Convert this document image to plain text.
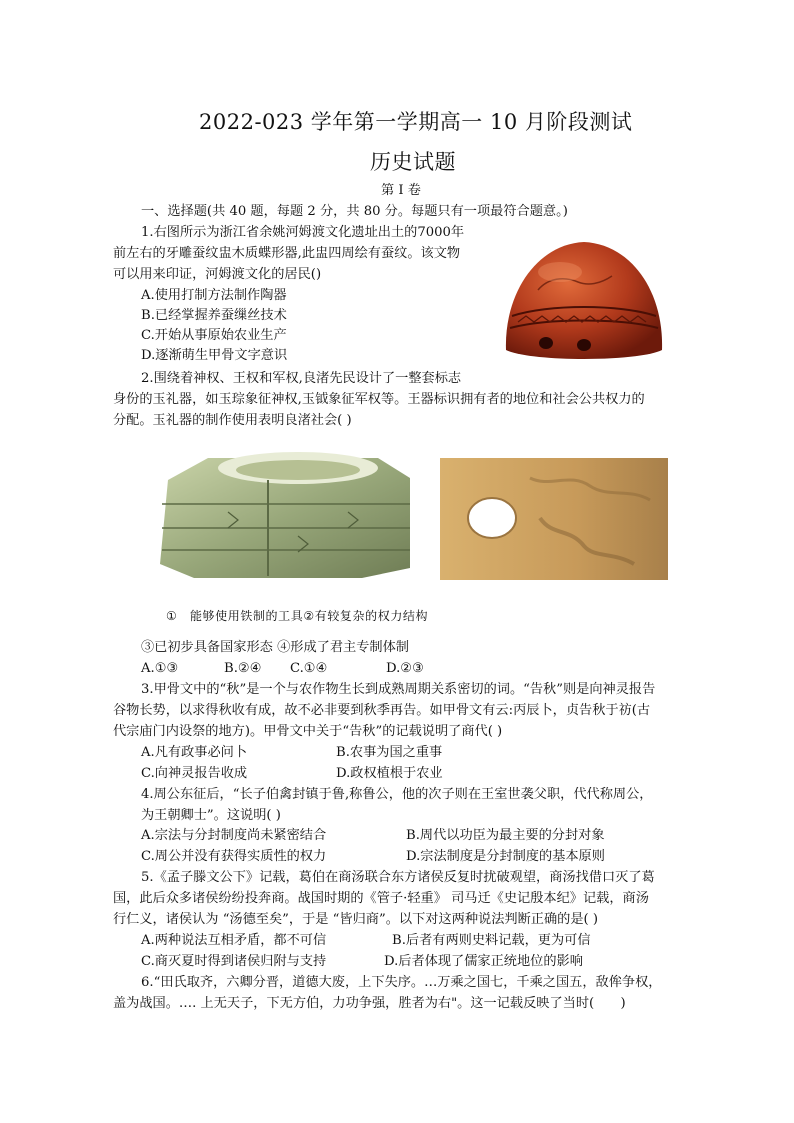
2022-023 学年第一学期高一 10 月阶段测试
历史试题
第 I 卷
一、选择题(共 40 题，每题 2 分，共 80 分。每题只有一项最符合题意。)
1.右图所示为浙江省余姚河姆渡文化遗址出土的7000年
前左右的牙雕蚕纹盅木质蝶形器,此盅四周绘有蚕纹。该文物
可以用来印证，河姆渡文化的居民()
A.使用打制方法制作陶器
B.已经掌握养蚕缫丝技术
C.开始从事原始农业生产
D.逐渐萌生甲骨文字意识
2.围绕着神权、王权和军权,良渚先民设计了一整套标志
身份的玉礼器，如玉琮象征神权,玉钺象征军权等。王器标识拥有者的地位和社会公共权力的
分配。玉礼器的制作使用表明良渚社会( )
①　能够使用铁制的工具②有较复杂的权力结构
③已初步具备国家形态 ④形成了君主专制体制
A.①③	B.②④ C.①④	D.②③
3.甲骨文中的“秋”是一个与农作物生长到成熟周期关系密切的词。“告秋”则是向神灵报告
谷物长势，以求得秋收有成，故不必非要到秋季再告。如甲骨文有云:丙辰卜，贞告秋于祊(古
代宗庙门内设祭的地方)。甲骨文中关于“告秋”的记载说明了商代( )
A.凡有政事必问卜	B.农事为国之重事
C.向神灵报告收成	D.政权植根于农业
4.周公东征后，“长子伯禽封镇于鲁,称鲁公，他的次子则在王室世袭父职，代代称周公，
为王朝卿士”。这说明( )
A.宗法与分封制度尚未紧密结合	B.周代以功臣为最主要的分封对象
C.周公并没有获得实质性的权力	D.宗法制度是分封制度的基本原则
5.《孟子滕文公下》记载，葛伯在商汤联合东方诸侯反复时扰破观望，商汤找借口灭了葛
国，此后众多诸侯纷纷投奔商。战国时期的《管子·轻重》 司马迁《史记殷本纪》记载，商汤
行仁义，诸侯认为 “汤德至矣”，于是 “皆归商”。以下对这两种说法判断正确的是( )
A.两种说法互相矛盾，都不可信	B.后者有两则史料记载，更为可信
C.商灭夏时得到诸侯归附与支持	D.后者体现了儒家正统地位的影响
6.“田氏取齐，六卿分晋，道德大废，上下失序。…万乘之国七，千乘之国五，敌侔争权，
盖为战国。…. 上无天子，下无方伯，力功争强，胜者为右"。这一记载反映了当时(　　)
